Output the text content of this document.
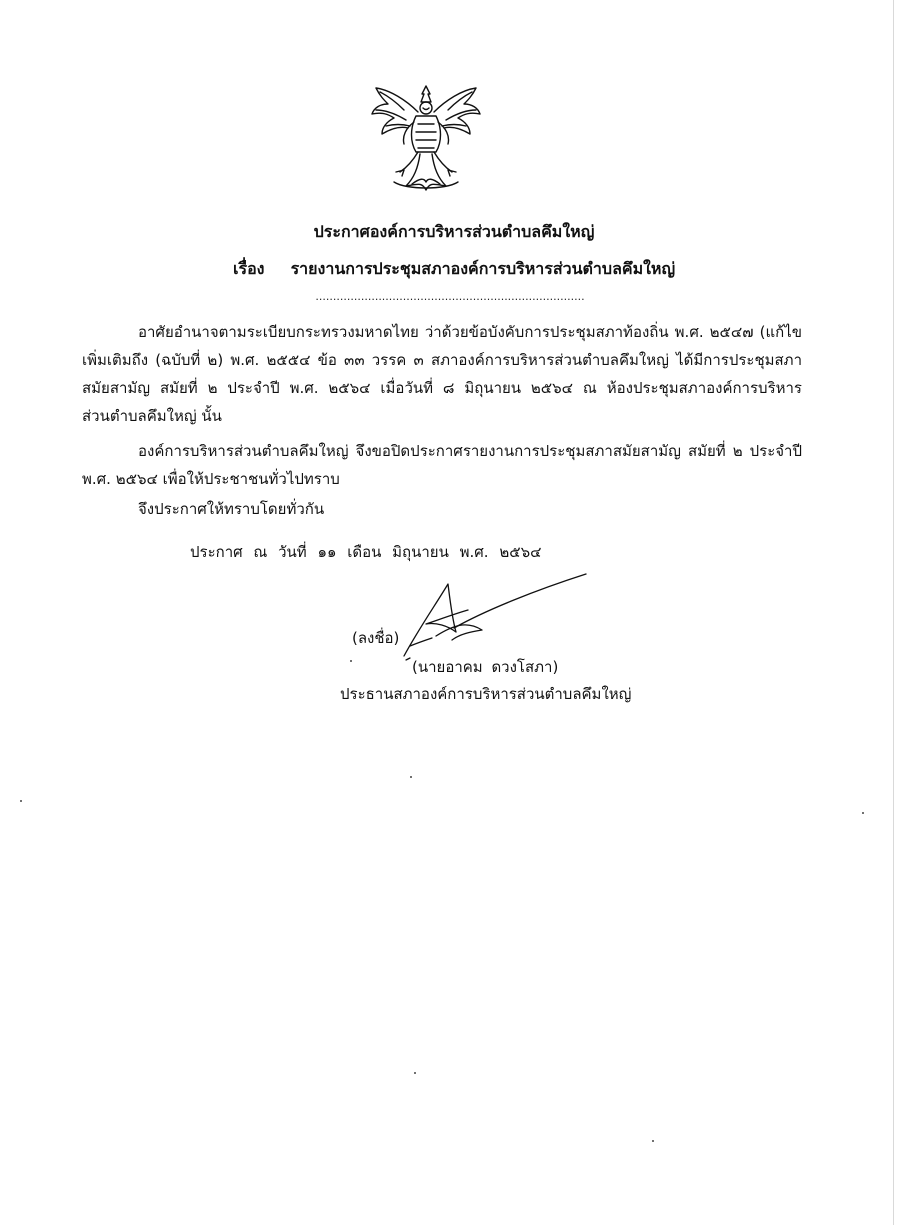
ประกาศองค์การบริหารส่วนตำบลคึมใหญ่
เรื่อง รายงานการประชุมสภาองค์การบริหารส่วนตำบลคึมใหญ่
.............................................................................
อาศัยอำนาจตามระเบียบกระทรวงมหาดไทย ว่าด้วยข้อบังคับการประชุมสภาท้องถิ่น พ.ศ. ๒๕๔๗ (แก้ไข
เพิ่มเติมถึง (ฉบับที่ ๒) พ.ศ. ๒๕๕๔ ข้อ ๓๓ วรรค ๓ สภาองค์การบริหารส่วนตำบลคึมใหญ่ ได้มีการประชุมสภา
สมัยสามัญ สมัยที่ ๒ ประจำปี พ.ศ. ๒๕๖๔ เมื่อวันที่ ๘ มิถุนายน ๒๕๖๔ ณ ห้องประชุมสภาองค์การบริหาร
ส่วนตำบลคึมใหญ่ นั้น
องค์การบริหารส่วนตำบลคึมใหญ่ จึงขอปิดประกาศรายงานการประชุมสภาสมัยสามัญ สมัยที่ ๒ ประจำปี
พ.ศ. ๒๕๖๔ เพื่อให้ประชาชนทั่วไปทราบ
จึงประกาศให้ทราบโดยทั่วกัน
ประกาศ ณ วันที่ ๑๑ เดือน มิถุนายน พ.ศ. ๒๕๖๔
(ลงชื่อ)
(นายอาคม ดวงโสภา)
ประธานสภาองค์การบริหารส่วนตำบลคึมใหญ่
